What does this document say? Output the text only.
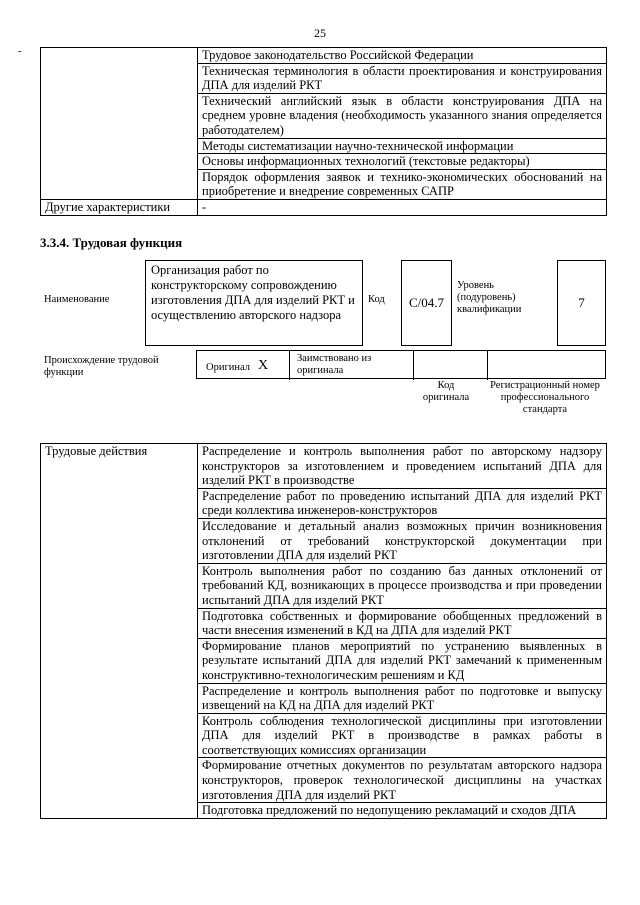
25
-
		Трудовое законодательство Российской Федерации
	Техническая терминология в области проектирования и конструирования ДПА для изделий РКТ
	Технический английский язык в области конструирования ДПА на среднем уровне владения (необходимость указанного знания определяется работодателем)
	Методы систематизации научно-технической информации
	Основы информационных технологий (текстовые редакторы)
	Порядок оформления заявок и технико-экономических обоснований на приобретение и внедрение современных САПР
Другие характеристики	-
3.3.4. Трудовая функция
Наименование
Организация работ по конструкторскому сопровождению изготовления ДПА для изделий РКТ и осуществлению авторского надзора
Код C/04.7
Уровень (подуровень) квалификации	7
Происхождение трудовой функции	Оригинал X	Заимствовано из оригинала
Код оригинала
Регистрационный номер профессионального стандарта
Трудовые действия	Распределение и контроль выполнения работ по авторскому надзору конструкторов за изготовлением и проведением испытаний ДПА для изделий РКТ в производстве
Распределение работ по проведению испытаний ДПА для изделий РКТ среди коллектива инженеров-конструкторов
Исследование и детальный анализ возможных причин возникновения отклонений от требований конструкторской документации при изготовлении ДПА для изделий РКТ
Контроль выполнения работ по созданию баз данных отклонений от требований КД, возникающих в процессе производства и при проведении испытаний ДПА для изделий РКТ
Подготовка собственных и формирование обобщенных предложений в части внесения изменений в КД на ДПА для изделий РКТ
Формирование планов мероприятий по устранению выявленных в результате испытаний ДПА для изделий РКТ замечаний к примененным конструктивно-технологическим решениям и КД
Распределение и контроль выполнения работ по подготовке и выпуску извещений на КД на ДПА для изделий РКТ
Контроль соблюдения технологической дисциплины при изготовлении ДПА для изделий РКТ в производстве в рамках работы в соответствующих комиссиях организации
Формирование отчетных документов по результатам авторского надзора конструкторов, проверок технологической дисциплины на участках изготовления ДПА для изделий РКТ
Подготовка предложений по недопущению рекламаций и сходов ДПА
